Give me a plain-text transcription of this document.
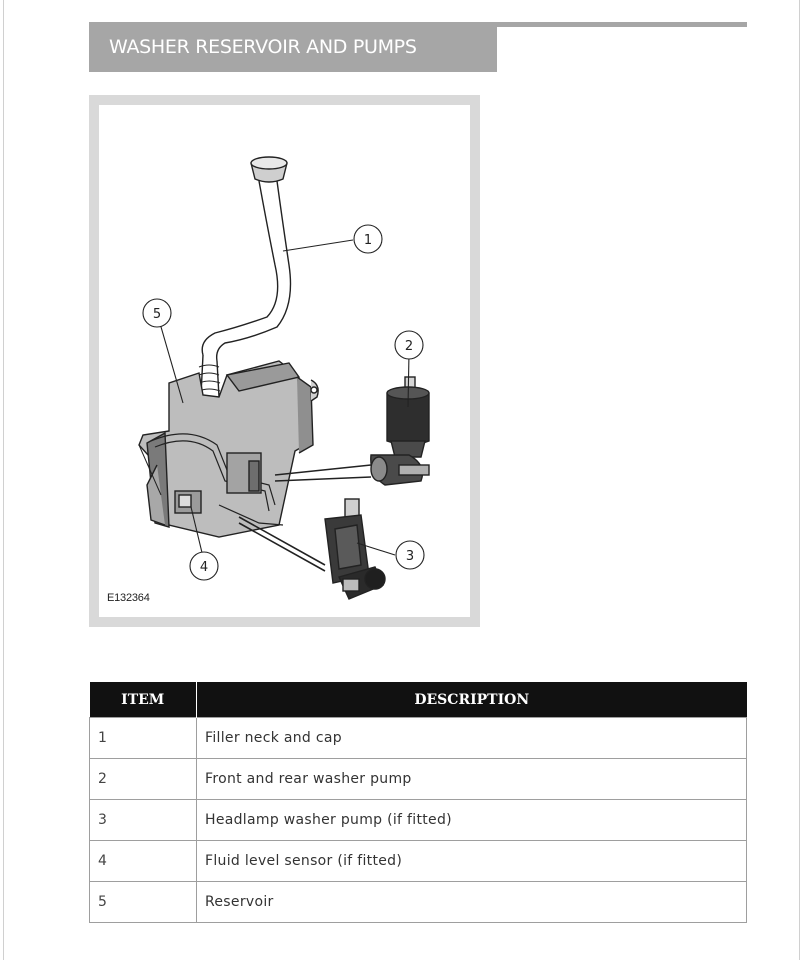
WASHER RESERVOIR AND PUMPS
1
2
3
4
5
E132364
ITEM	DESCRIPTION
1	Filler neck and cap
2	Front and rear washer pump
3	Headlamp washer pump (if fitted)
4	Fluid level sensor (if fitted)
5	Reservoir
